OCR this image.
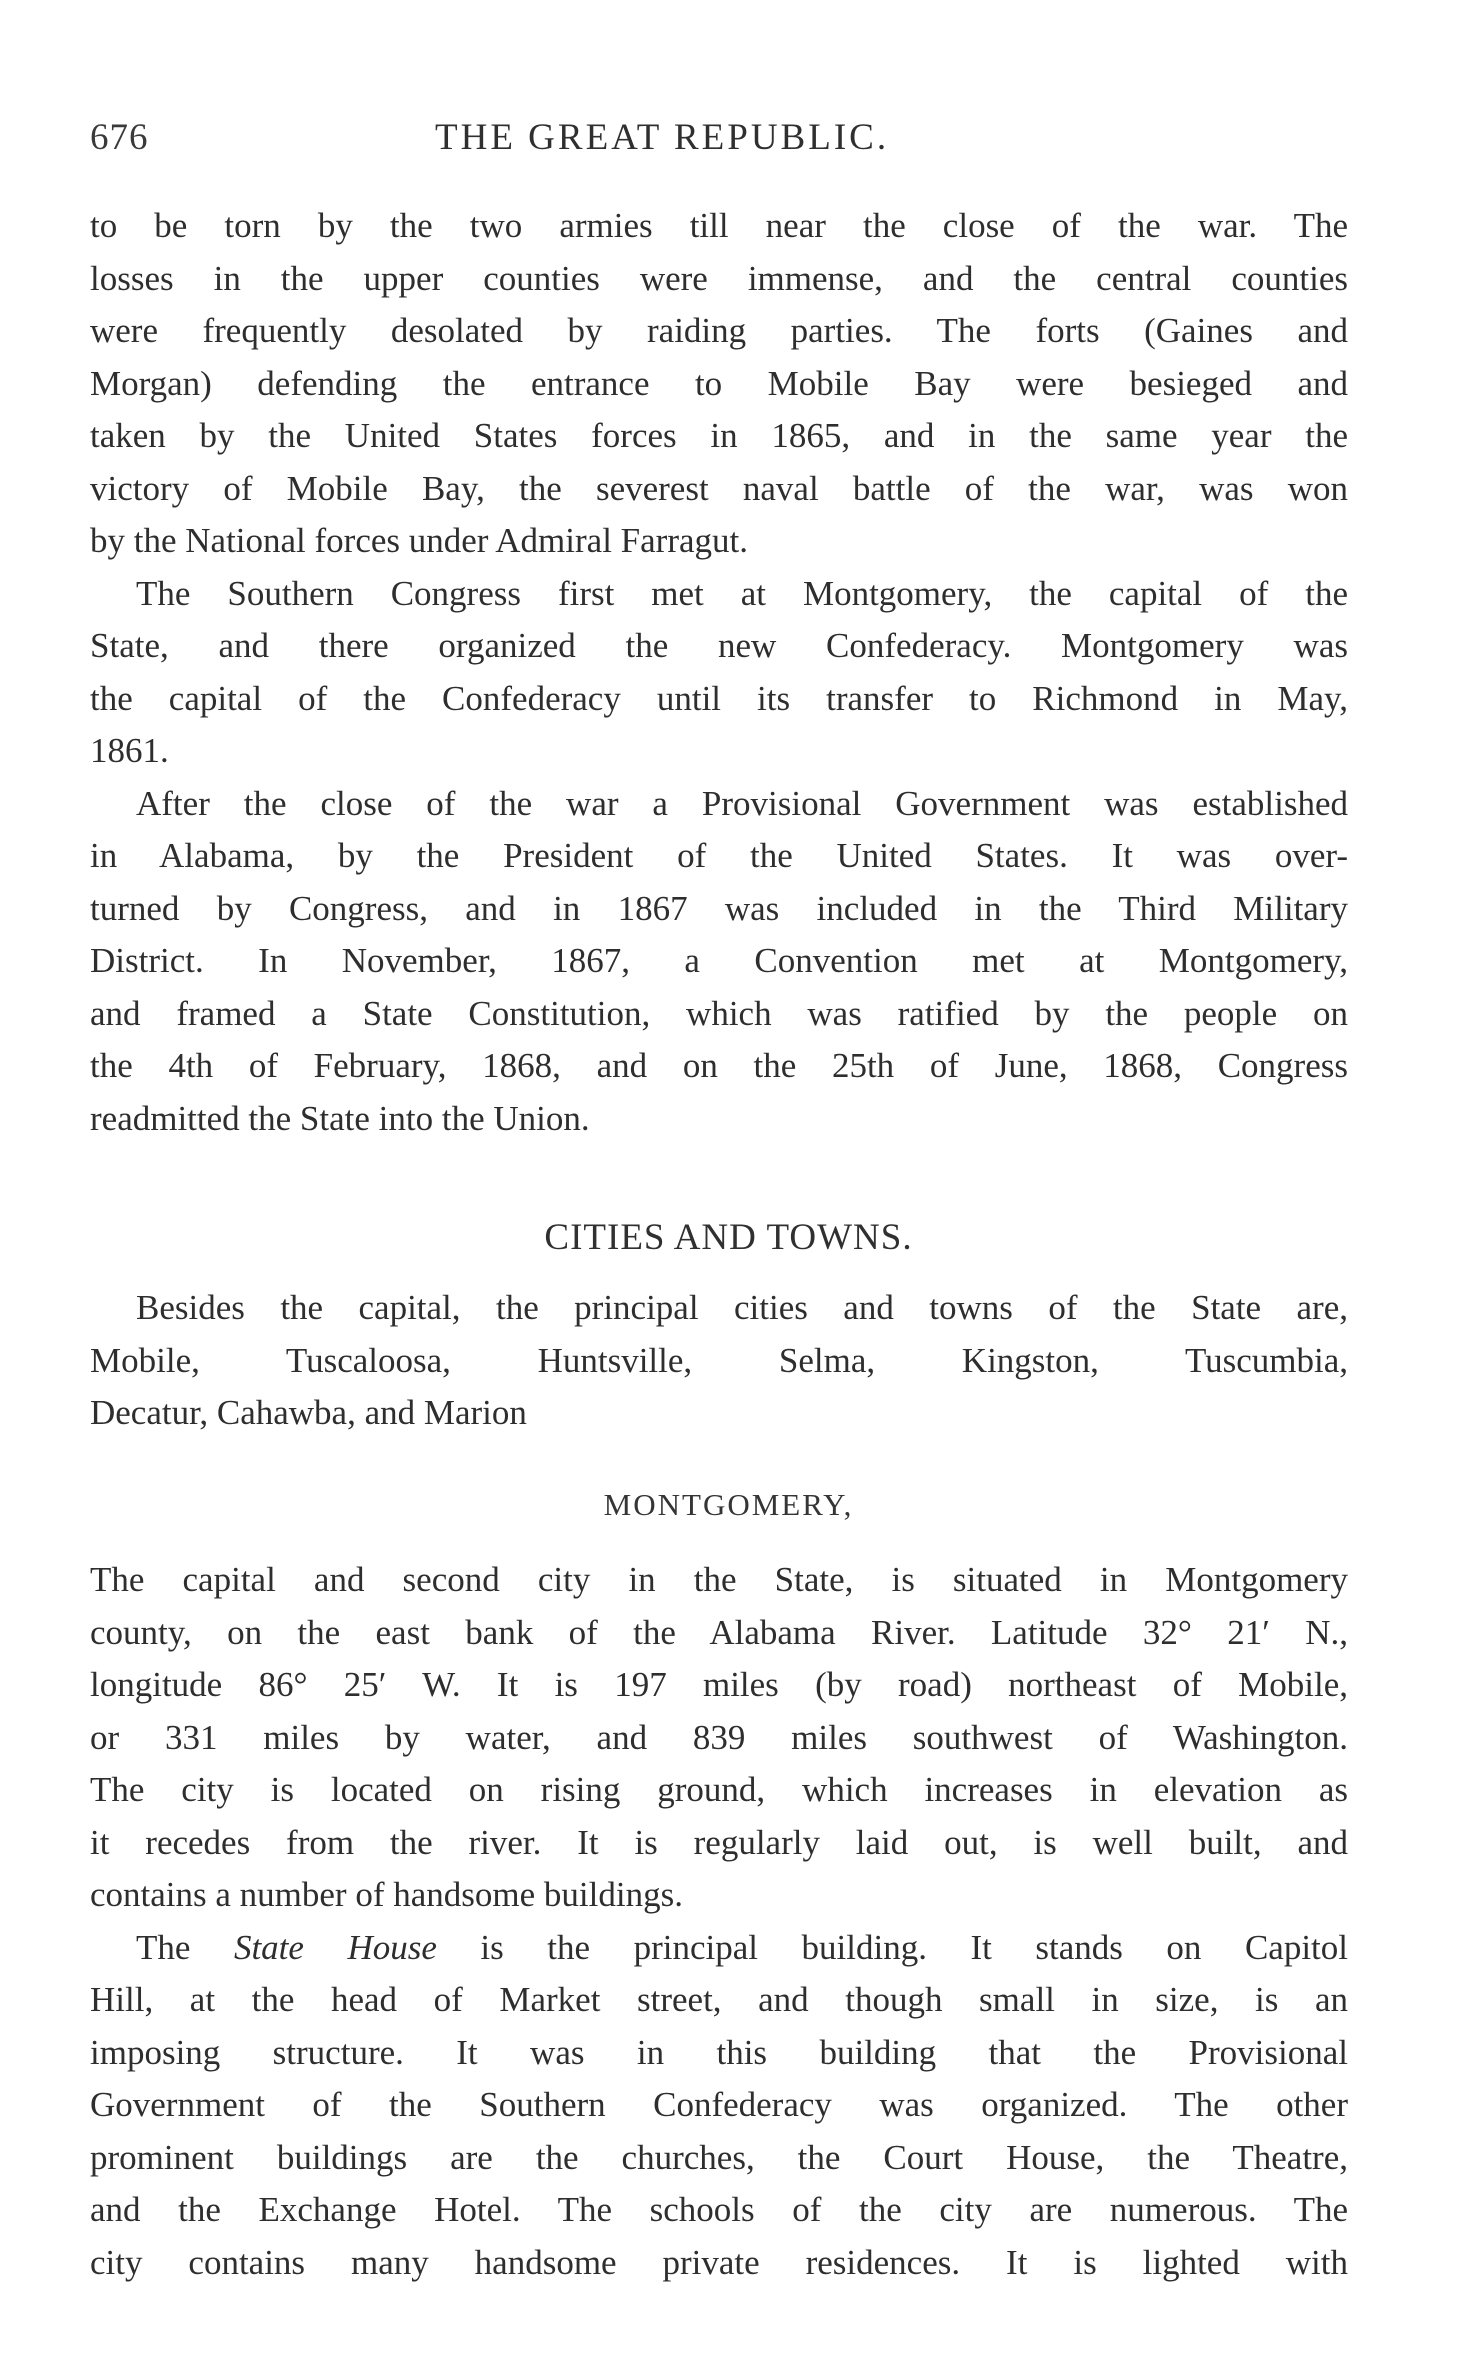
676	THE GREAT REPUBLIC.

to be torn by the two armies till near the close of the war. The
losses in the upper counties were immense, and the central counties
were frequently desolated by raiding parties. The forts (Gaines and
Morgan) defending the entrance to Mobile Bay were besieged and
taken by the United States forces in 1865, and in the same year the
victory of Mobile Bay, the severest naval battle of the war, was won
by the National forces under Admiral Farragut.

The Southern Congress first met at Montgomery, the capital of the

State, and there organized the new Confederacy. Montgomery was
the capital of the Confederacy until its transfer to Richmond in May,
1861.

After the close of the war a Provisional Government was established

in Alabama, by the President of the United States. It was over-
turned by Congress, and in 1867 was included in the Third Military
District. In November, 1867, a Convention met at Montgomery,
and framed a State Constitution, which was ratified by the people on
the 4th of February, 1868, and on the 25th of June, 1868, Congress
readmitted the State into the Union.

CITIES AND TOWNS.

Besides the capital, the principal cities and towns of the State are,

Mobile, Tuscaloosa, Huntsville, Selma, Kingston, Tuscumbia,
Decatur, Cahawba, and Marion

MONTGOMERY,

The capital and second city in the State, is situated in Montgomery
county, on the east bank of the Alabama River. Latitude 32° 21′ N.,
longitude 86° 25′ W. It is 197 miles (by road) northeast of Mobile,
or 331 miles by water, and 839 miles southwest of Washington.
The city is located on rising ground, which increases in elevation as
it recedes from the river. It is regularly laid out, is well built, and
contains a number of handsome buildings.

The State House is the principal building. It stands on Capitol

Hill, at the head of Market street, and though small in size, is an
imposing structure. It was in this building that the Provisional
Government of the Southern Confederacy was organized. The other
prominent buildings are the churches, the Court House, the Theatre,
and the Exchange Hotel. The schools of the city are numerous. The
city contains many handsome private residences. It is lighted with
